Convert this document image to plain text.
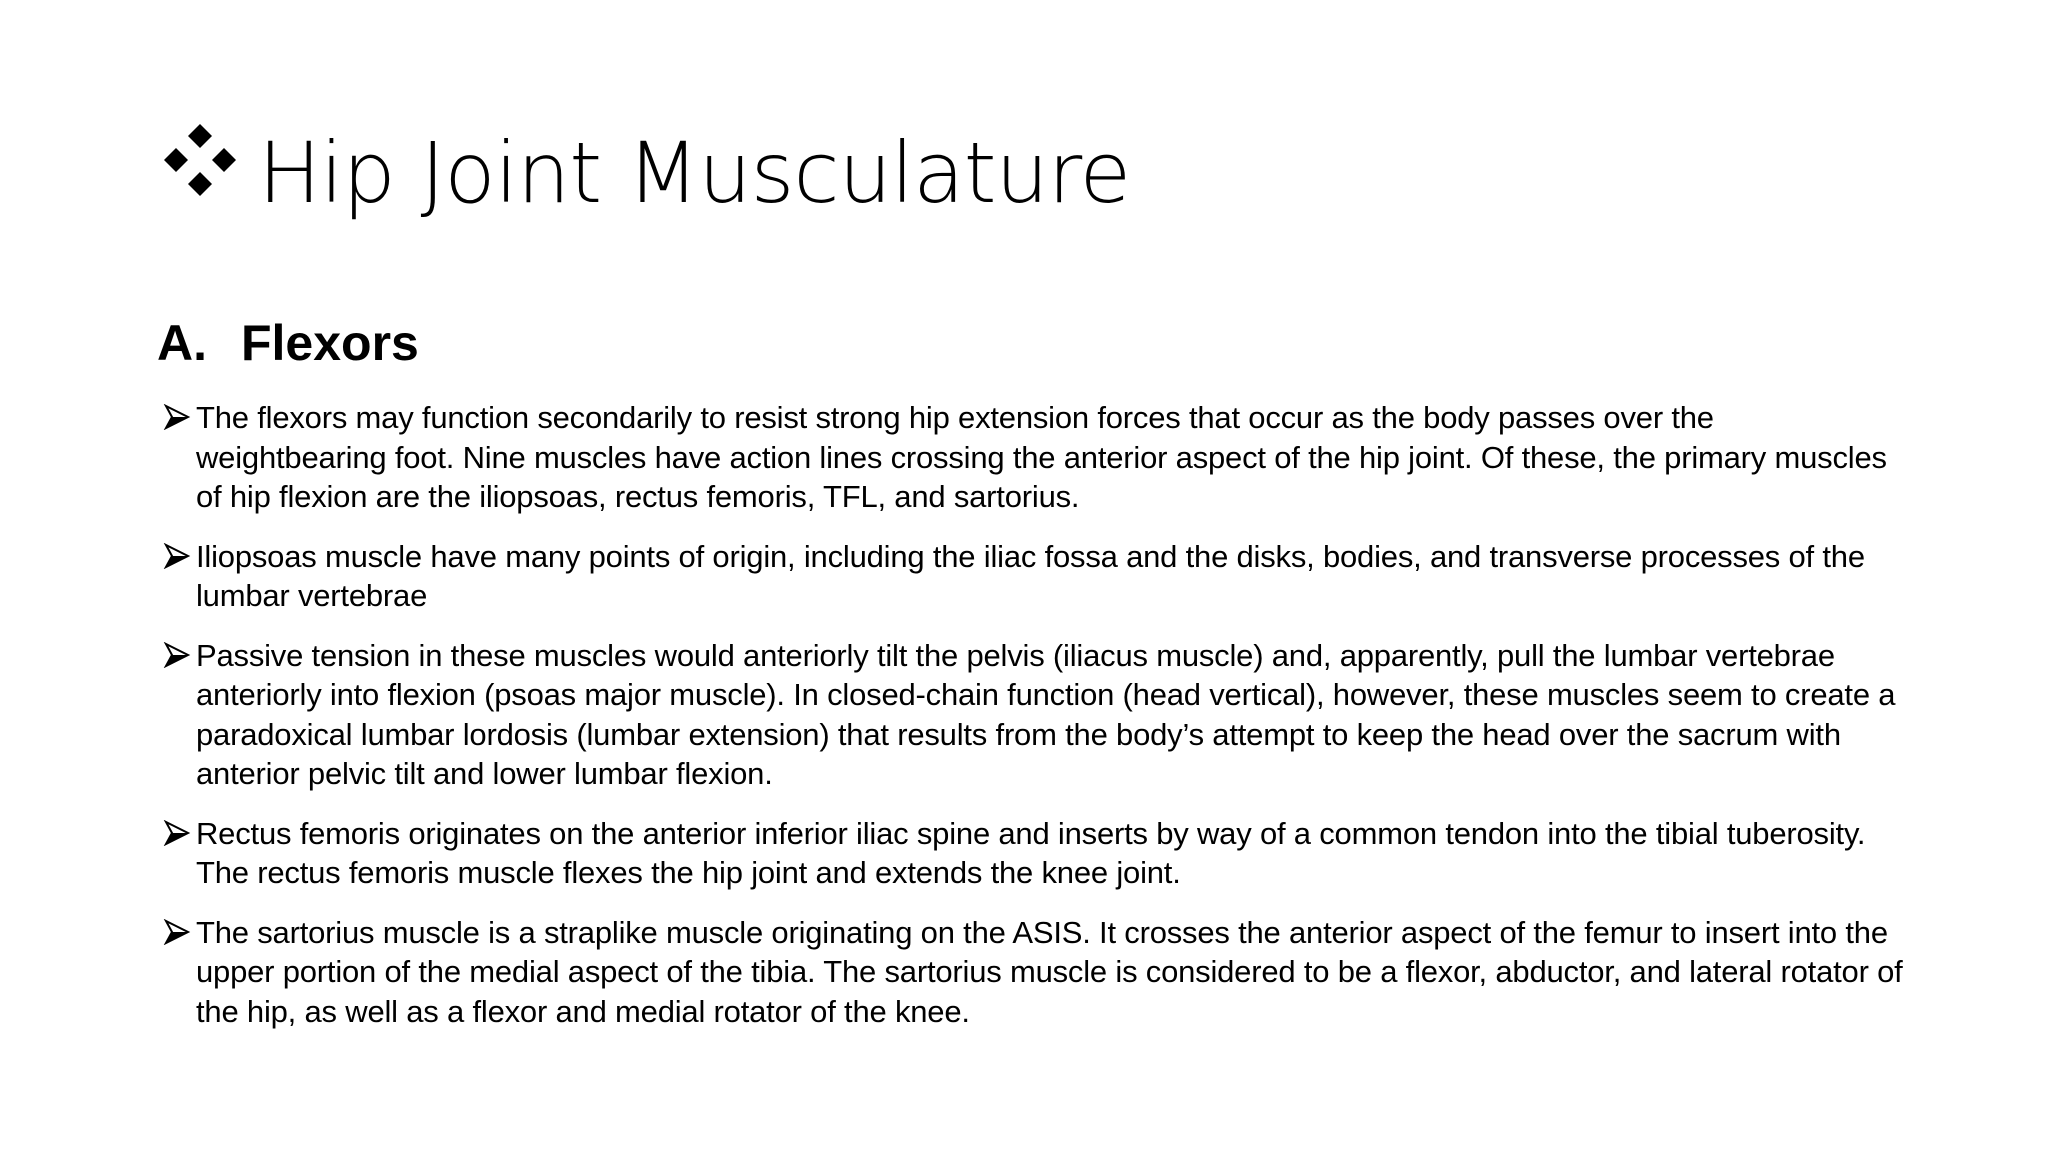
Hip Joint Musculature
A. Flexors
The flexors may function secondarily to resist strong hip extension forces that occur as the body passes over the weightbearing foot. Nine muscles have action lines crossing the anterior aspect of the hip joint. Of these, the primary muscles of hip flexion are the iliopsoas, rectus femoris, TFL, and sartorius.
Iliopsoas muscle have many points of origin, including the iliac fossa and the disks, bodies, and transverse processes of the lumbar vertebrae
Passive tension in these muscles would anteriorly tilt the pelvis (iliacus muscle) and, apparently, pull the lumbar vertebrae anteriorly into flexion (psoas major muscle). In closed-chain function (head vertical), however, these muscles seem to create a paradoxical lumbar lordosis (lumbar extension) that results from the body’s attempt to keep the head over the sacrum with anterior pelvic tilt and lower lumbar flexion.
Rectus femoris originates on the anterior inferior iliac spine and inserts by way of a common tendon into the tibial tuberosity. The rectus femoris muscle flexes the hip joint and extends the knee joint.
The sartorius muscle is a straplike muscle originating on the ASIS. It crosses the anterior aspect of the femur to insert into the upper portion of the medial aspect of the tibia. The sartorius muscle is considered to be a flexor, abductor, and lateral rotator of the hip, as well as a flexor and medial rotator of the knee.
